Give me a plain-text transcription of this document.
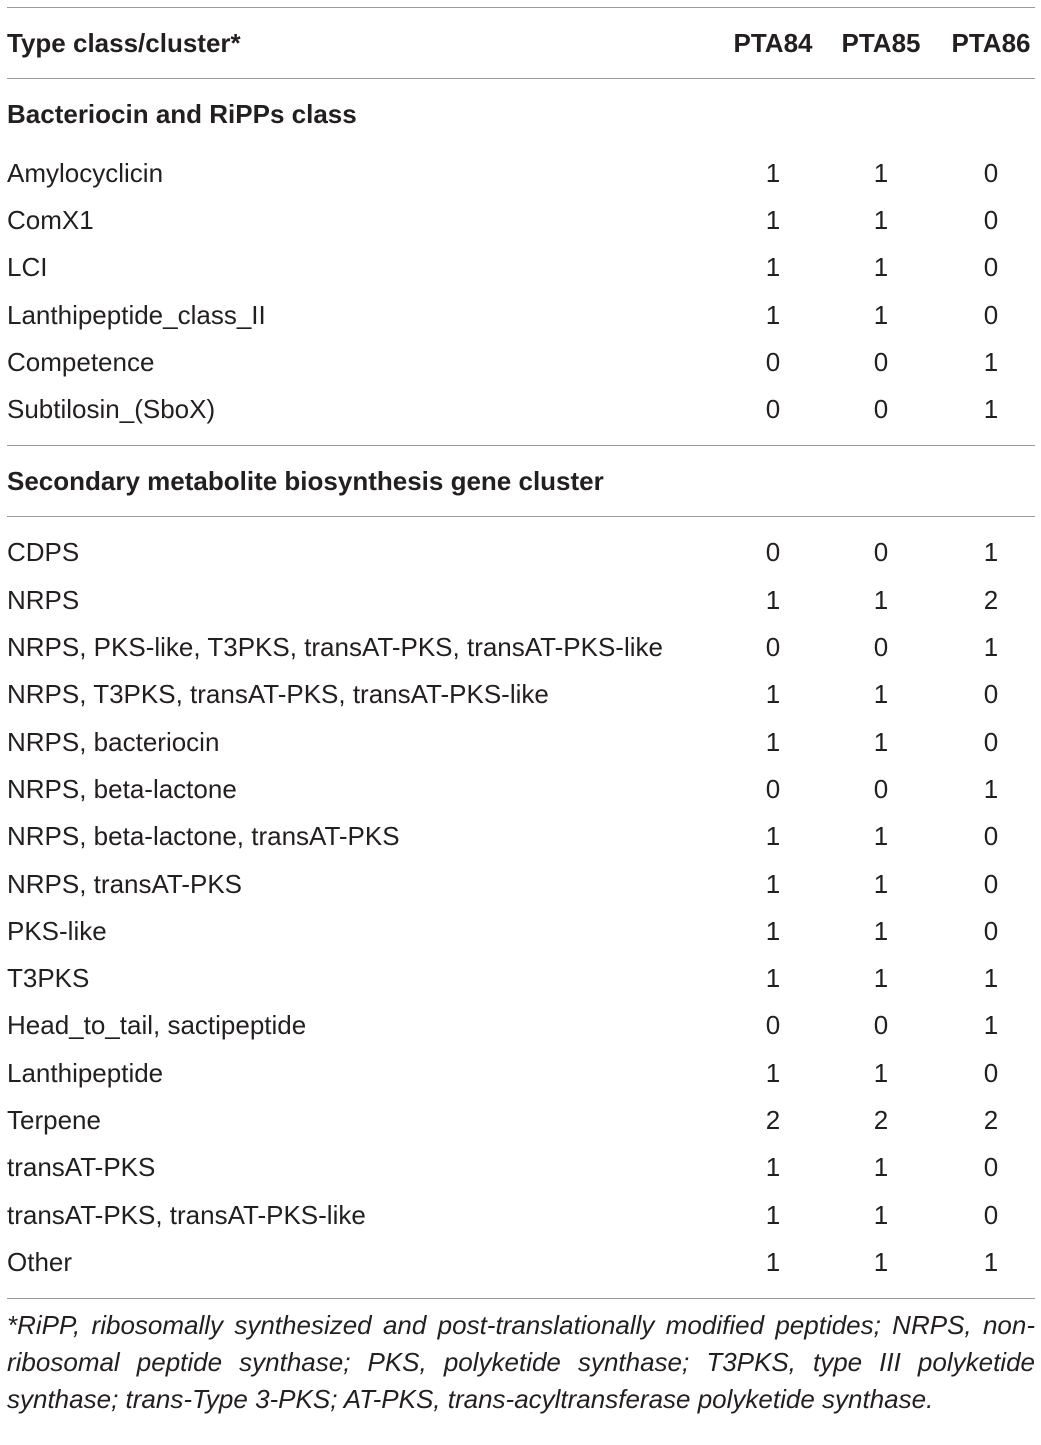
Type class/cluster*	PTA84	PTA85	PTA86
Bacteriocin and RiPPs class
Amylocyclicin	1	1	0
ComX1	1	1	0
LCI	1	1	0
Lanthipeptide_class_II	1	1	0
Competence	0	0	1
Subtilosin_(SboX)	0	0	1
Secondary metabolite biosynthesis gene cluster
CDPS	0	0	1
NRPS	1	1	2
NRPS, PKS-like, T3PKS, transAT-PKS, transAT-PKS-like	0	0	1
NRPS, T3PKS, transAT-PKS, transAT-PKS-like	1	1	0
NRPS, bacteriocin	1	1	0
NRPS, beta-lactone	0	0	1
NRPS, beta-lactone, transAT-PKS	1	1	0
NRPS, transAT-PKS	1	1	0
PKS-like	1	1	0
T3PKS	1	1	1
Head_to_tail, sactipeptide	0	0	1
Lanthipeptide	1	1	0
Terpene	2	2	2
transAT-PKS	1	1	0
transAT-PKS, transAT-PKS-like	1	1	0
Other	1	1	1
*RiPP, ribosomally synthesized and post-translationally modified peptides; NRPS, non-ribosomal peptide synthase; PKS, polyketide synthase; T3PKS, type III polyketide synthase; trans-Type 3-PKS; AT-PKS, trans-acyltransferase polyketide synthase.
